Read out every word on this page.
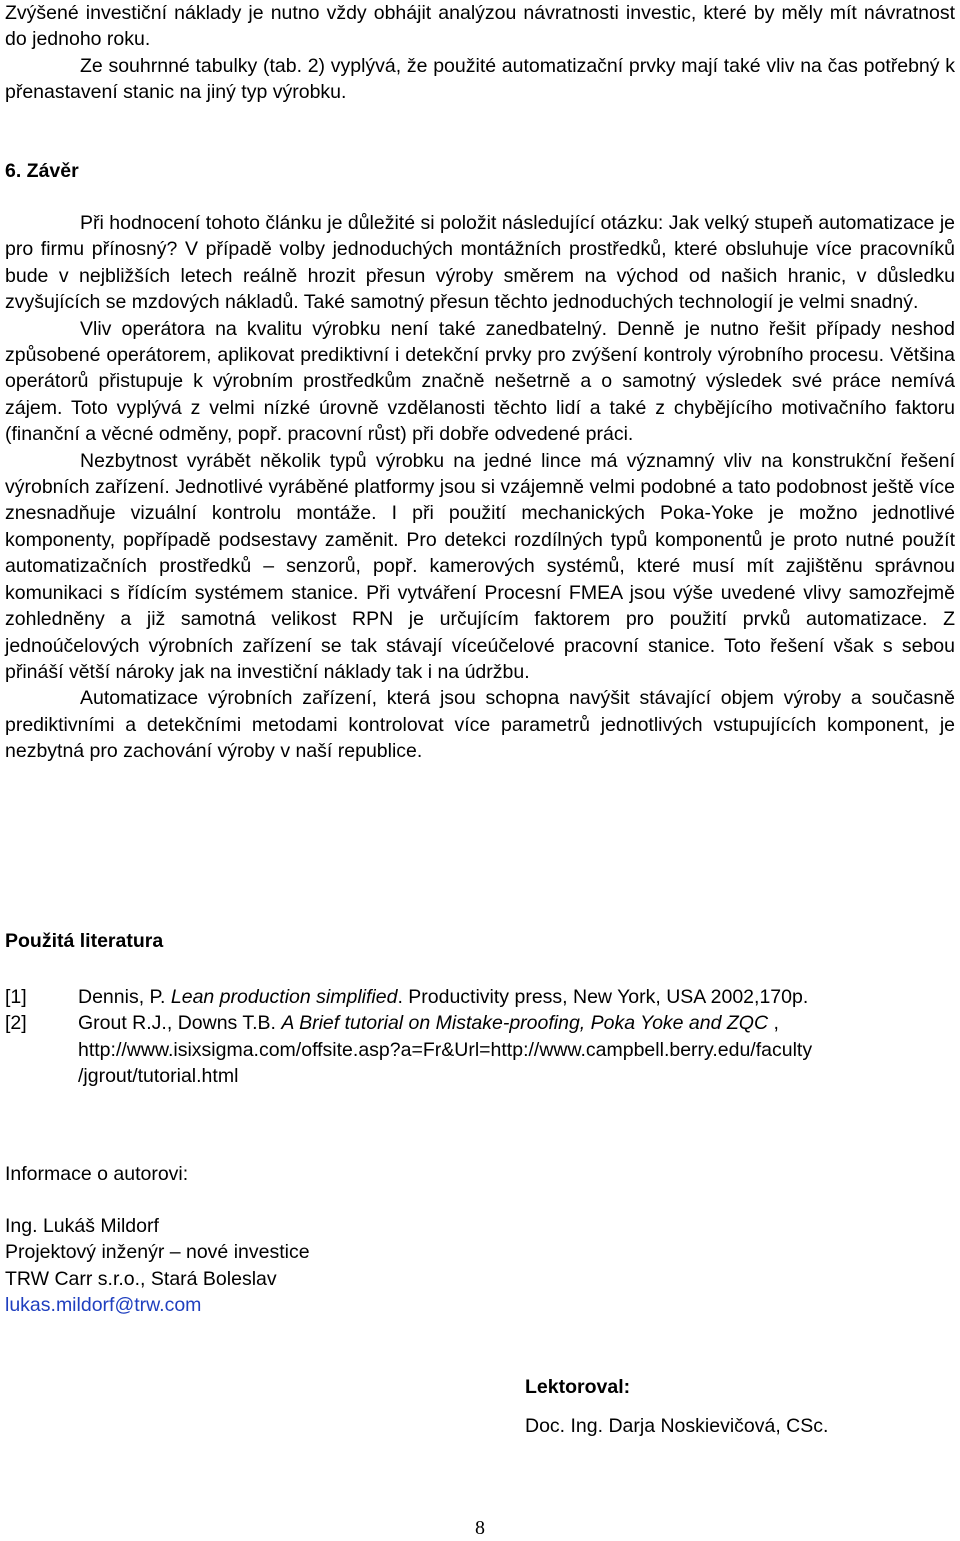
Zvýšené investiční náklady je nutno vždy obhájit analýzou návratnosti investic, které by měly mít návratnost do jednoho roku.

Ze souhrnné tabulky (tab. 2) vyplývá, že použité automatizační prvky mají také vliv na čas potřebný k přenastavení stanic na jiný typ výrobku.

6. Závěr

Při hodnocení tohoto článku je důležité si položit následující otázku: Jak velký stupeň automatizace je pro firmu přínosný? V případě volby jednoduchých montážních prostředků, které obsluhuje více pracovníků bude v nejbližších letech reálně hrozit přesun výroby směrem na východ od našich hranic, v důsledku zvyšujících se mzdových nákladů. Také samotný přesun těchto jednoduchých technologií je velmi snadný.

Vliv operátora na kvalitu výrobku není také zanedbatelný. Denně je nutno řešit případy neshod způsobené operátorem, aplikovat prediktivní i detekční prvky pro zvýšení kontroly výrobního procesu. Většina operátorů přistupuje k výrobním prostředkům značně nešetrně a o samotný výsledek své práce nemívá zájem. Toto vyplývá z velmi nízké úrovně vzdělanosti těchto lidí a také z chybějícího motivačního faktoru (finanční a věcné odměny, popř. pracovní růst) při dobře odvedené práci.

Nezbytnost vyrábět několik typů výrobku na jedné lince má významný vliv na konstrukční řešení výrobních zařízení. Jednotlivé vyráběné platformy jsou si vzájemně velmi podobné a tato podobnost ještě více znesnadňuje vizuální kontrolu montáže. I při použití mechanických Poka-Yoke je možno jednotlivé komponenty, popřípadě podsestavy zaměnit. Pro detekci rozdílných typů komponentů je proto nutné použít automatizačních prostředků – senzorů, popř. kamerových systémů, které musí mít zajištěnu správnou komunikaci s řídícím systémem stanice. Při vytváření Procesní FMEA jsou výše uvedené vlivy samozřejmě zohledněny a již samotná velikost RPN je určujícím faktorem pro použití prvků automatizace. Z jednoúčelových výrobních zařízení se tak stávají víceúčelové pracovní stanice. Toto řešení však s sebou přináší větší nároky jak na investiční náklady tak i na údržbu.

Automatizace výrobních zařízení, která jsou schopna navýšit stávající objem výroby a současně prediktivními a detekčními metodami kontrolovat více parametrů jednotlivých vstupujících komponent, je nezbytná pro zachování výroby v naší republice.

Použitá literatura
[1]	Dennis, P. Lean production simplified. Productivity press, New York, USA 2002,170p.
[2]	Grout R.J., Downs T.B. A Brief tutorial on Mistake-proofing, Poka Yoke and ZQC , http://www.isixsigma.com/offsite.asp?a=Fr&Url=http://www.campbell.berry.edu/faculty /jgrout/tutorial.html
Informace o autorovi:
Ing. Lukáš Mildorf
Projektový inženýr – nové investice
TRW Carr s.r.o., Stará Boleslav
lukas.mildorf@trw.com
Lektoroval:
Doc. Ing. Darja Noskievičová, CSc.
8
